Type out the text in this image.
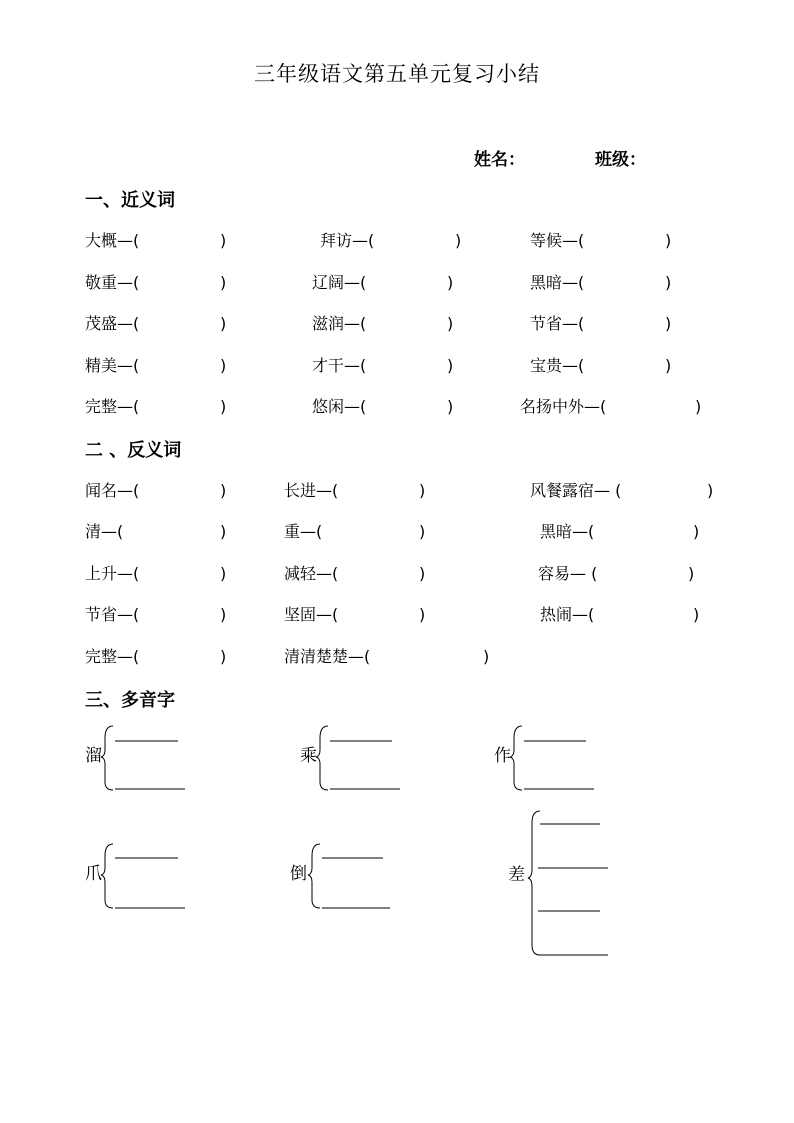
三年级语文第五单元复习小结
姓名：	班级：
一、近义词
大概—(	)	拜访—(	)	等候—(	)
敬重—(	)	辽阔—(	)	黑暗—(	)
茂盛—(	)	滋润—(	)	节省—(	)
精美—(	)	才干—(	)	宝贵—(	)
完整—(	)	悠闲—(	)	名扬中外—(	)
二 、反义词
闻名—(	)	长进—(	)	风餐露宿— (	)
清—(	)	重—(	)	黑暗—(	)
上升—(	)	减轻—(	)	容易— (	)
节省—(	)	坚固—(	)	热闹—(	)
完整—(	)	清清楚楚—(	)
三、多音字
溜	乘	作
爪	倒	差
